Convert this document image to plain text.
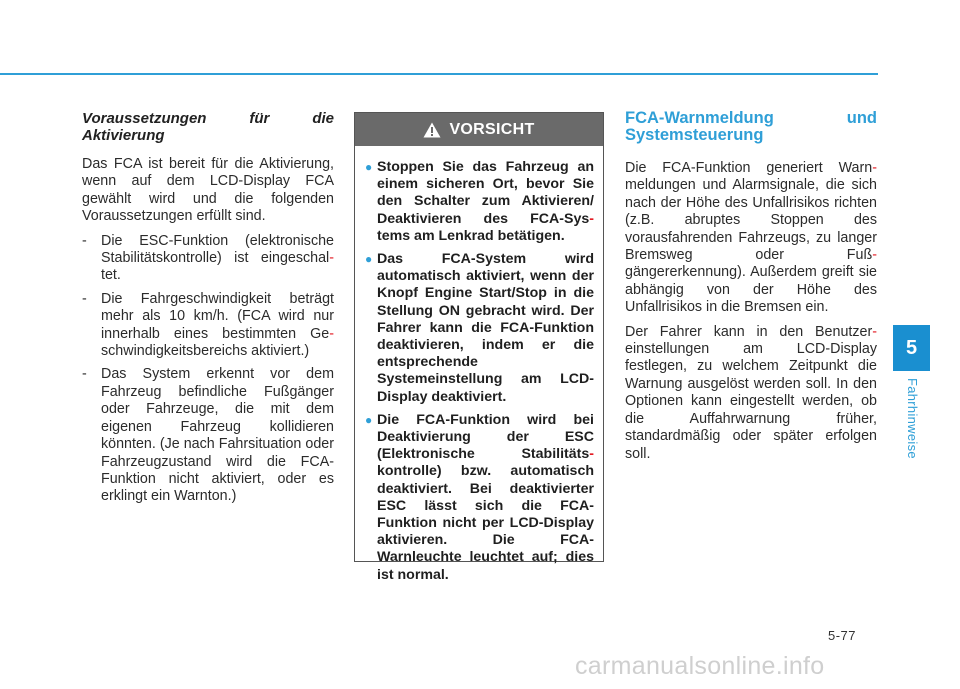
Voraussetzungen für die Aktivierung
Das FCA ist bereit für die Aktivierung, wenn auf dem LCD-Display FCA gewählt wird und die folgenden Voraussetzungen erfüllt sind.
- Die ESC-Funktion (elektronische Stabilitätskontrolle) ist eingeschal- tet.
- Die Fahrgeschwindigkeit beträgt mehr als 10 km/h. (FCA wird nur innerhalb eines bestimmten Ge- schwindigkeitsbereichs aktiviert.)
- Das System erkennt vor dem Fahrzeug befindliche Fußgänger oder Fahrzeuge, die mit dem eigenen Fahrzeug kollidieren könnten. (Je nach Fahrsituation oder Fahrzeugzustand wird die FCA-Funktion nicht aktiviert, oder es erklingt ein Warnton.)
VORSICHT
● Stoppen Sie das Fahrzeug an einem sicheren Ort, bevor Sie den Schalter zum Aktivieren/ Deaktivieren des FCA-Sys- tems am Lenkrad betätigen.
● Das FCA-System wird automatisch aktiviert, wenn der Knopf Engine Start/Stop in die Stellung ON gebracht wird. Der Fahrer kann die FCA-Funktion deaktivieren, indem er die entsprechende Systemeinstellung am LCD-Display deaktiviert.
● Die FCA-Funktion wird bei Deaktivierung der ESC (Elektronische Stabilitäts- kontrolle) bzw. automatisch deaktiviert. Bei deaktivierter ESC lässt sich die FCA-Funktion nicht per LCD-Display aktivieren. Die FCA-Warnleuchte leuchtet auf; dies ist normal.
FCA-Warnmeldung und Systemsteuerung
Die FCA-Funktion generiert Warn- meldungen und Alarmsignale, die sich nach der Höhe des Unfallrisikos richten (z.B. abruptes Stoppen des vorausfahrenden Fahrzeugs, zu langer Bremsweg oder Fuß- gängererkennung). Außerdem greift sie abhängig von der Höhe des Unfallrisikos in die Bremsen ein.
Der Fahrer kann in den Benutzer- einstellungen am LCD-Display festlegen, zu welchem Zeitpunkt die Warnung ausgelöst werden soll. In den Optionen kann eingestellt werden, ob die Auffahrwarnung früher, standardmäßig oder später erfolgen soll.
5
Fahrhinweise
5-77
carmanualsonline.info
